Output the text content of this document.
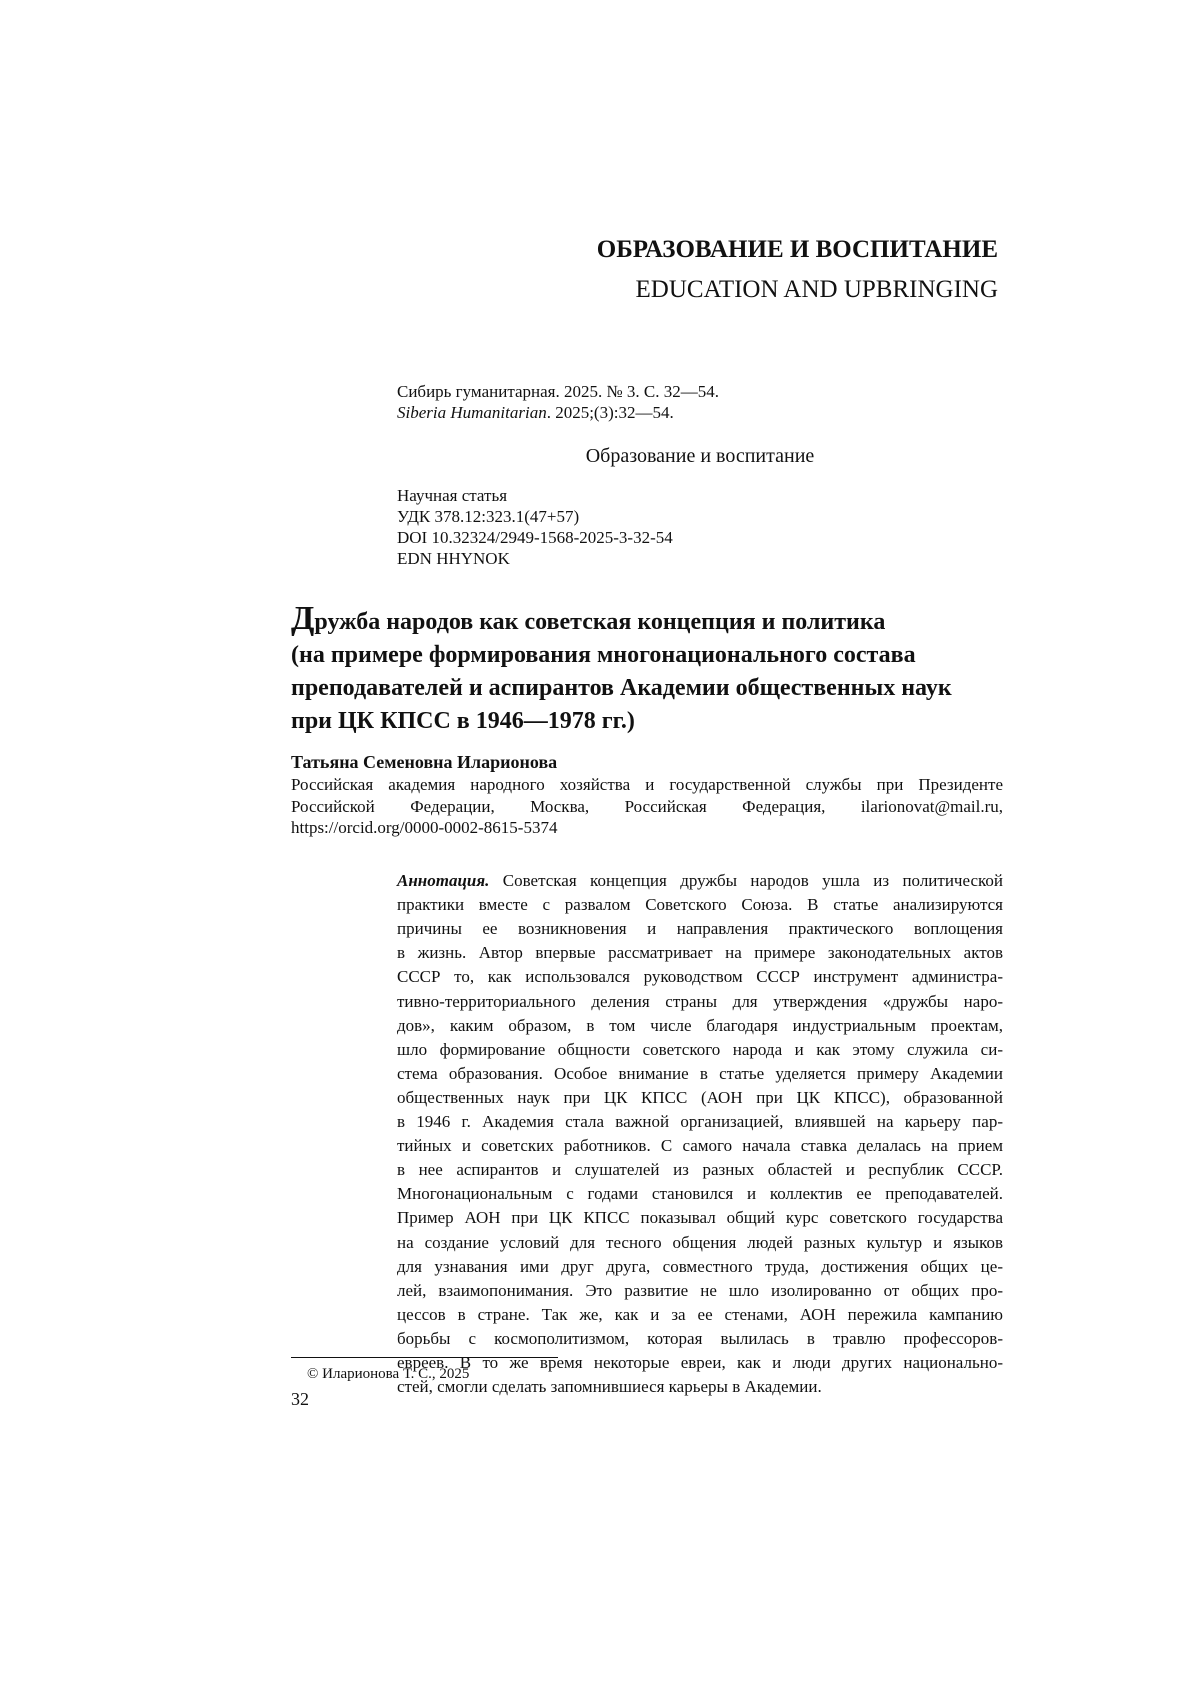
ОБРАЗОВАНИЕ И ВОСПИТАНИЕ
EDUCATION AND UPBRINGING
Сибирь гуманитарная. 2025. № 3. С. 32—54.
Siberia Humanitarian. 2025;(3):32—54.
Образование и воспитание
Научная статья
УДК 378.12:323.1(47+57)
DOI 10.32324/2949-1568-2025-3-32-54
EDN HHYNOK
Дружба народов как советская концепция и политика
(на примере формирования многонационального состава
преподавателей и аспирантов Академии общественных наук
при ЦК КПСС в 1946—1978 гг.)
Татьяна Семеновна Иларионова
Российская академия народного хозяйства и государственной службы при Президенте
Российской Федерации, Москва, Российская Федерация, ilarionovat@mail.ru,
https://orcid.org/0000-0002-8615-5374
Аннотация. Советская концепция дружбы народов ушла из политической
практики вместе с развалом Советского Союза. В статье анализируются
причины ее возникновения и направления практического воплощения
в жизнь. Автор впервые рассматривает на примере законодательных актов
СССР то, как использовался руководством СССР инструмент администра-
тивно-территориального деления страны для утверждения «дружбы наро-
дов», каким образом, в том числе благодаря индустриальным проектам,
шло формирование общности советского народа и как этому служила си-
стема образования. Особое внимание в статье уделяется примеру Академии
общественных наук при ЦК КПСС (АОН при ЦК КПСС), образованной
в 1946 г. Академия стала важной организацией, влиявшей на карьеру пар-
тийных и советских работников. С самого начала ставка делалась на прием
в нее аспирантов и слушателей из разных областей и республик СССР.
Многонациональным с годами становился и коллектив ее преподавателей.
Пример АОН при ЦК КПСС показывал общий курс советского государства
на создание условий для тесного общения людей разных культур и языков
для узнавания ими друг друга, совместного труда, достижения общих це-
лей, взаимопонимания. Это развитие не шло изолированно от общих про-
цессов в стране. Так же, как и за ее стенами, АОН пережила кампанию
борьбы с космополитизмом, которая вылилась в травлю профессоров-
евреев. В то же время некоторые евреи, как и люди других национально-
стей, смогли сделать запомнившиеся карьеры в Академии.
© Иларионова Т. С., 2025
32
